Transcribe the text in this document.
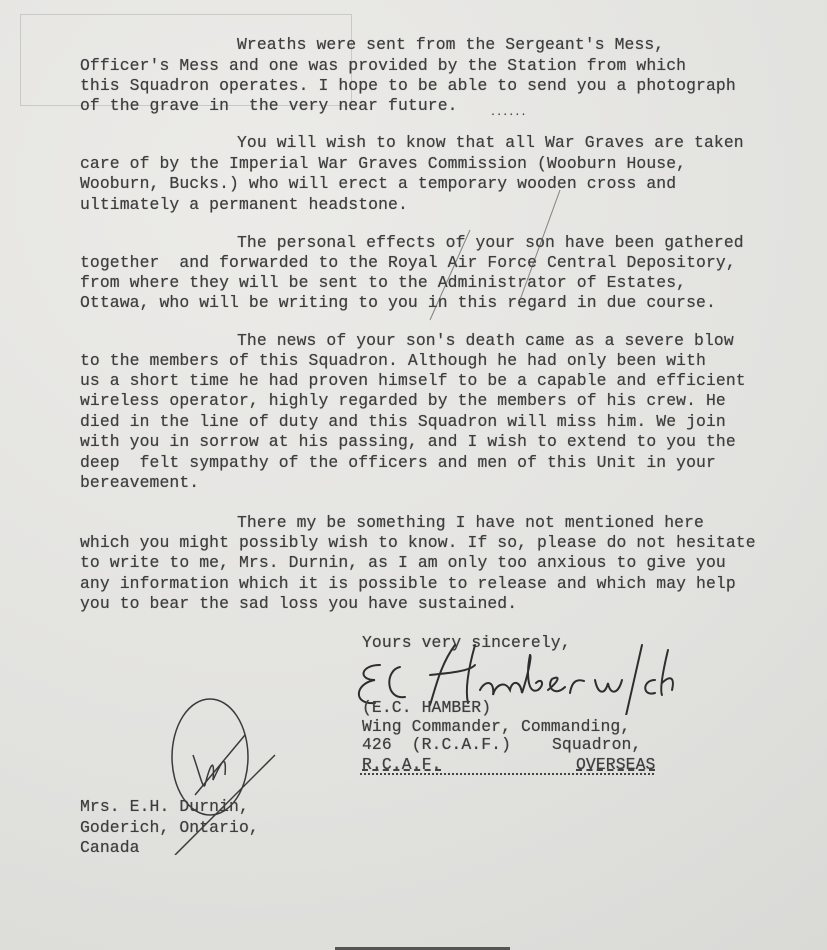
Wreaths were sent from the Sergeant's Mess,
Officer's Mess and one was provided by the Station from which
this Squadron operates. I hope to be able to send you a photograph
of the grave in  the very near future.	......
You will wish to know that all War Graves are taken
care of by the Imperial War Graves Commission (Wooburn House,
Wooburn, Bucks.) who will erect a temporary wooden cross and
ultimately a permanent headstone.
The personal effects of your son have been gathered
together  and forwarded to the Royal Air Force Central Depository,
from where they will be sent to the Administrator of Estates,
Ottawa, who will be writing to you in this regard in due course.
The news of your son's death came as a severe blow
to the members of this Squadron. Although he had only been with
us a short time he had proven himself to be a capable and efficient
wireless operator, highly regarded by the members of his crew. He
died in the line of duty and this Squadron will miss him. We join
with you in sorrow at his passing, and I wish to extend to you the
deep  felt sympathy of the officers and men of this Unit in your
bereavement.
There my be something I have not mentioned here
which you might possibly wish to know. If so, please do not hesitate
to write to me, Mrs. Durnin, as I am only too anxious to give you
any information which it is possible to release and which may help
you to bear the sad loss you have sustained.
Yours very sincerely,
(E.C. HAMBER)
Wing Commander, Commanding,
426  (R.C.A.F.) Squadron,
R.C.A.F.	OVERSEAS
Mrs. E.H. Durnin,
Goderich, Ontario,
Canada
